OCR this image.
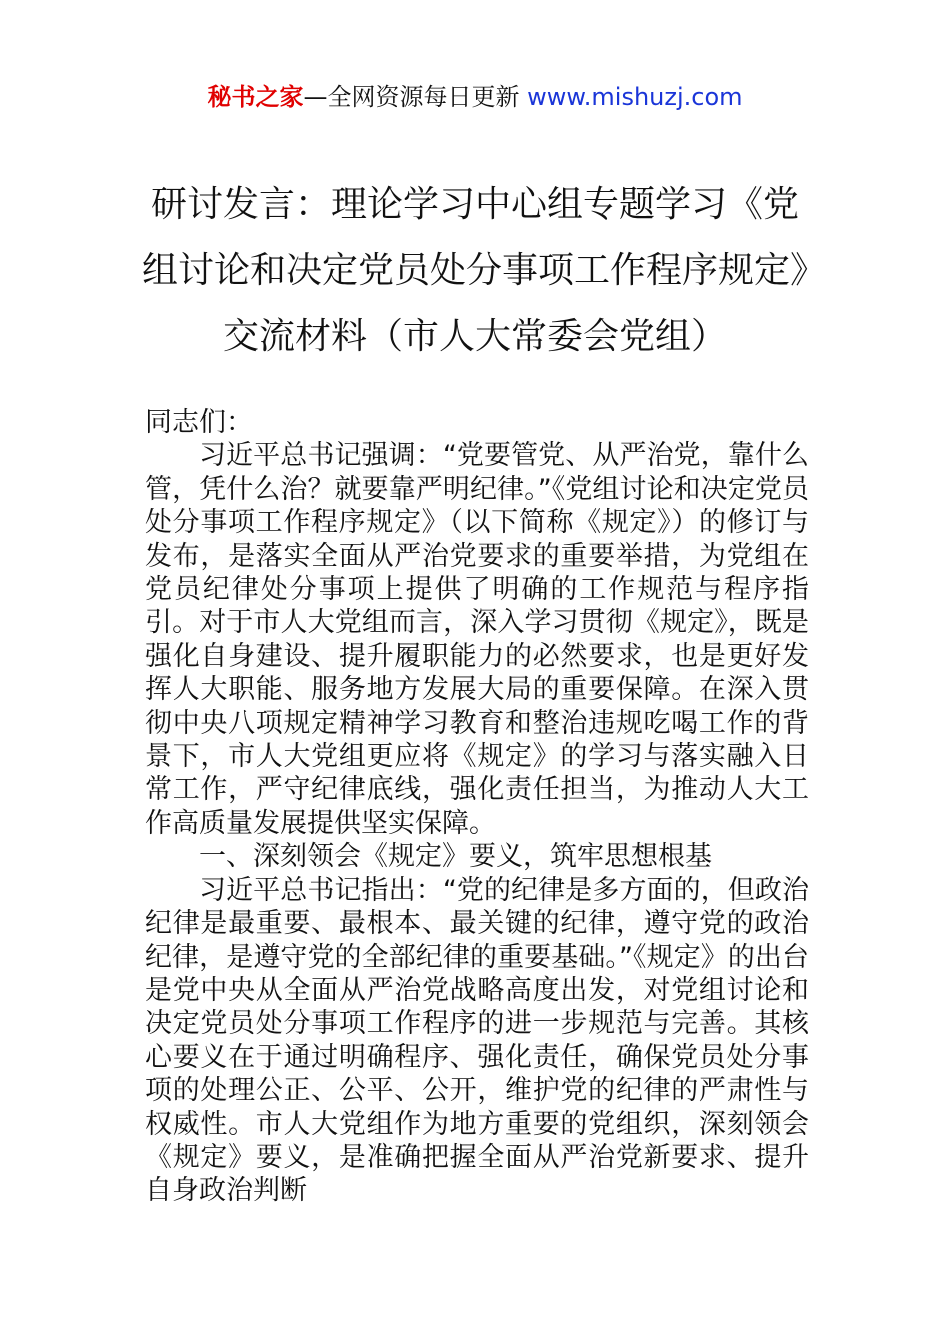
秘书之家—全网资源每日更新 www.mishuzj.com
研讨发言：理论学习中心组专题学习《党组讨论和决定党员处分事项工作程序规定》交流材料（市人大常委会党组）

同志们：

习近平总书记强调：“党要管党、从严治党，靠什么管，凭什么治？就要靠严明纪律。”《党组讨论和决定党员处分事项工作程序规定》（以下简称《规定》）的修订与发布，是落实全面从严治党要求的重要举措，为党组在党员纪律处分事项上提供了明确的工作规范与程序指引。对于市人大党组而言，深入学习贯彻《规定》，既是强化自身建设、提升履职能力的必然要求，也是更好发挥人大职能、服务地方发展大局的重要保障。在深入贯彻中央八项规定精神学习教育和整治违规吃喝工作的背景下，市人大党组更应将《规定》的学习与落实融入日常工作，严守纪律底线，强化责任担当，为推动人大工作高质量发展提供坚实保障。

一、深刻领会《规定》要义，筑牢思想根基

习近平总书记指出：“党的纪律是多方面的，但政治纪律是最重要、最根本、最关键的纪律，遵守党的政治纪律，是遵守党的全部纪律的重要基础。”《规定》的出台是党中央从全面从严治党战略高度出发，对党组讨论和决定党员处分事项工作程序的进一步规范与完善。其核心要义在于通过明确程序、强化责任，确保党员处分事项的处理公正、公平、公开，维护党的纪律的严肃性与权威性。市人大党组作为地方重要的党组织，深刻领会《规定》要义，是准确把握全面从严治党新要求、提升自身政治判断
